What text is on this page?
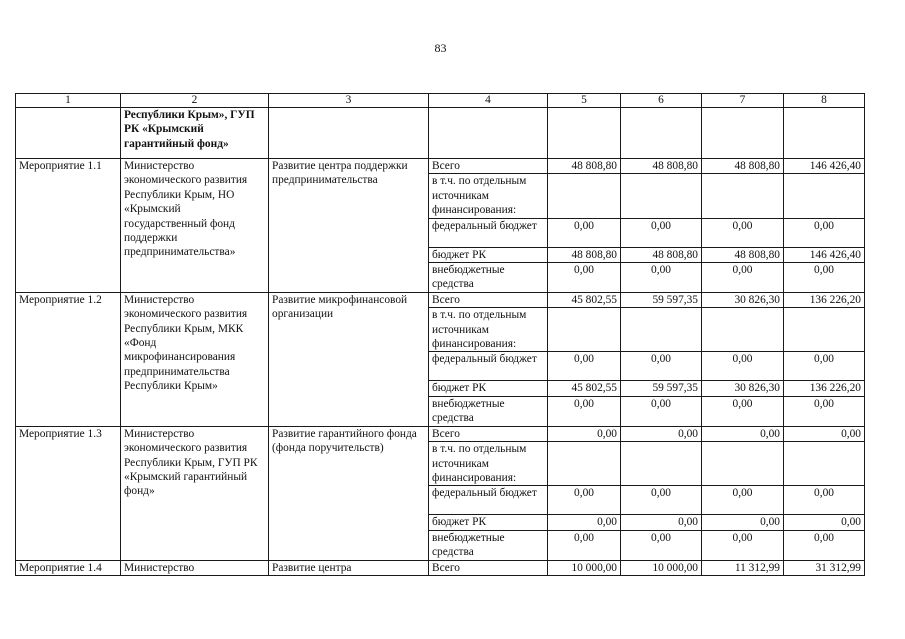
83
1	2	3	4	5	6	7	8
	Республики Крым», ГУП РК «Крымский гарантийный фонд»						
Мероприятие 1.1	Министерство экономического развития Республики Крым, НО «Крымский государственный фонд поддержки предпринимательства»	Развитие центра поддержки предпринимательства	Всего	48 808,80	48 808,80	48 808,80	146 426,40
			в т.ч. по отдельным источникам финансирования:				
			федеральный бюджет	0,00	0,00	0,00	0,00
			бюджет РК	48 808,80	48 808,80	48 808,80	146 426,40
			внебюджетные средства	0,00	0,00	0,00	0,00
Мероприятие 1.2	Министерство экономического развития Республики Крым, МКК «Фонд микрофинансирования предпринимательства Республики Крым»	Развитие микрофинансовой организации	Всего	45 802,55	59 597,35	30 826,30	136 226,20
			в т.ч. по отдельным источникам финансирования:				
			федеральный бюджет	0,00	0,00	0,00	0,00
			бюджет РК	45 802,55	59 597,35	30 826,30	136 226,20
			внебюджетные средства	0,00	0,00	0,00	0,00
Мероприятие 1.3	Министерство экономического развития Республики Крым, ГУП РК «Крымский гарантийный фонд»	Развитие гарантийного фонда (фонда поручительств)	Всего	0,00	0,00	0,00	0,00
			в т.ч. по отдельным источникам финансирования:				
			федеральный бюджет	0,00	0,00	0,00	0,00
			бюджет РК	0,00	0,00	0,00	0,00
			внебюджетные средства	0,00	0,00	0,00	0,00
Мероприятие 1.4	Министерство	Развитие центра	Всего	10 000,00	10 000,00	11 312,99	31 312,99
